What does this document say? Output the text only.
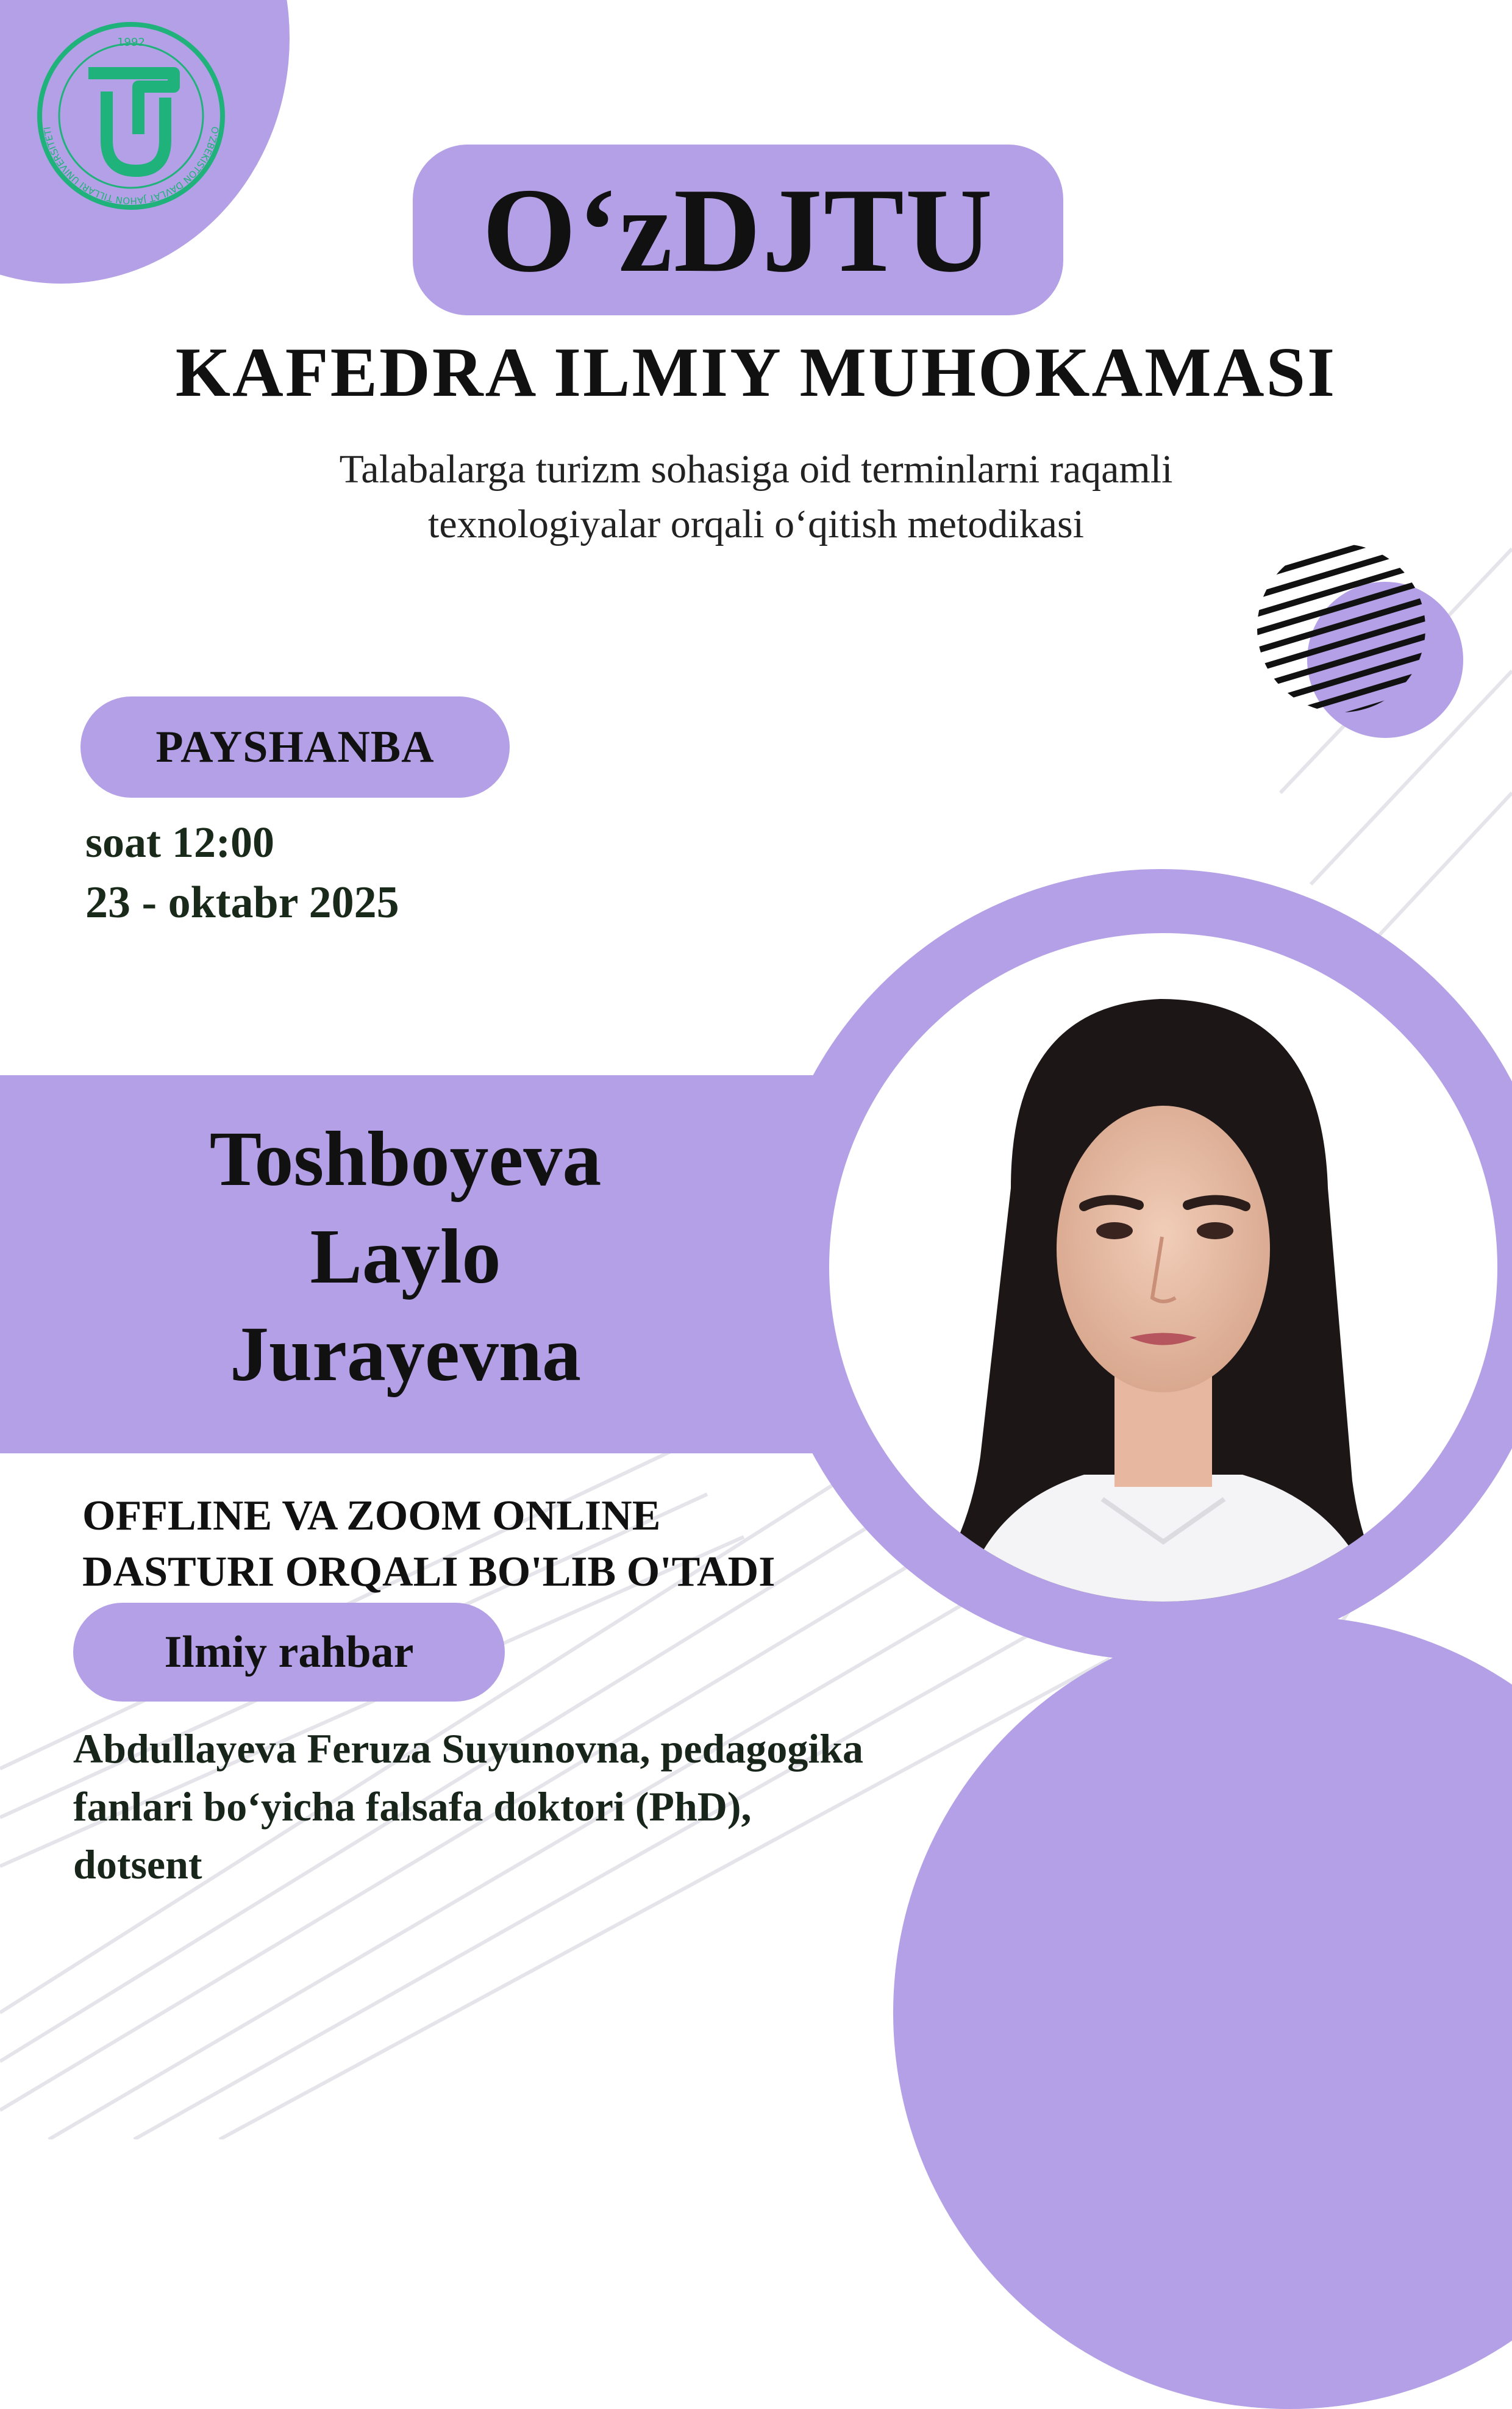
O'ZBEKISTON DAVLAT JAHON TILLARI UNIVERSITETI
1992
O‘zDJTU
KAFEDRA ILMIY MUHOKAMASI
Talabalarga turizm sohasiga oid terminlarni raqamli
texnologiyalar orqali o‘qitish metodikasi
PAYSHANBA
soat 12:00
23 - oktabr 2025
Toshboyeva
Laylo
Jurayevna
OFFLINE VA ZOOM ONLINE
DASTURI ORQALI BO'LIB O'TADI
Ilmiy rahbar
Abdullayeva Feruza Suyunovna, pedagogika
fanlari bo‘yicha falsafa doktori (PhD),
dotsent
